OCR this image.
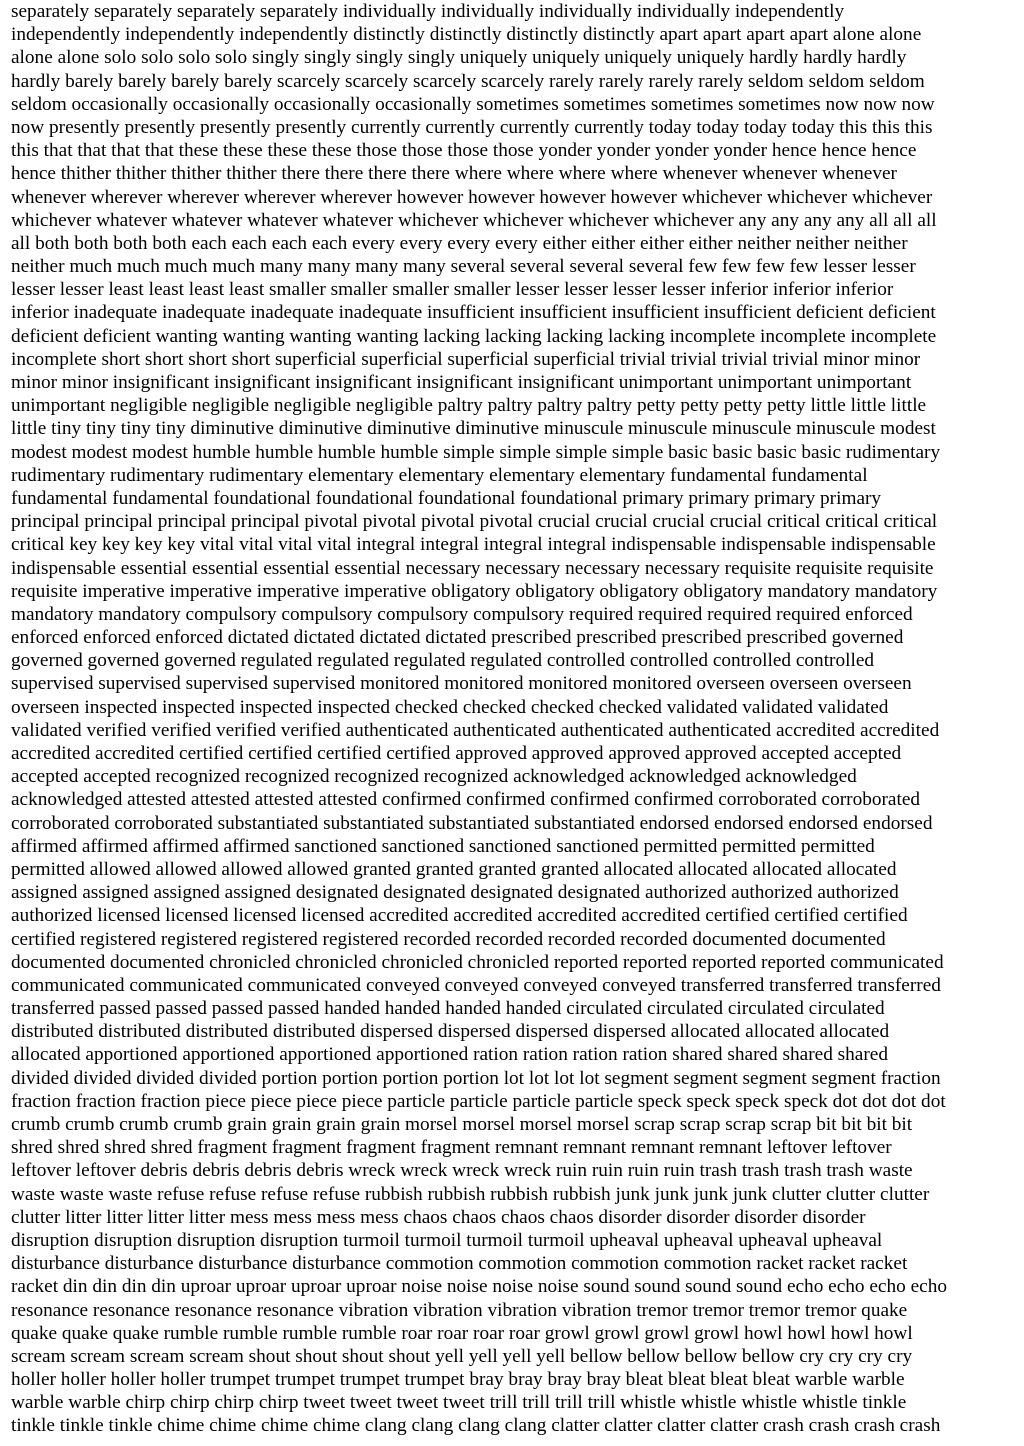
separately separately separately separately individually individually individually individually independently
independently independently independently distinctly distinctly distinctly distinctly apart apart apart apart alone alone
alone alone solo solo solo solo singly singly singly singly uniquely uniquely uniquely uniquely hardly hardly hardly
hardly barely barely barely barely scarcely scarcely scarcely scarcely rarely rarely rarely rarely seldom seldom seldom
seldom occasionally occasionally occasionally occasionally sometimes sometimes sometimes sometimes now now now
now presently presently presently presently currently currently currently currently today today today today this this this
this that that that that these these these these those those those those yonder yonder yonder yonder hence hence hence
hence thither thither thither thither there there there there where where where where whenever whenever whenever
whenever wherever wherever wherever wherever however however however however whichever whichever whichever
whichever whatever whatever whatever whatever whichever whichever whichever whichever any any any any all all all
all both both both both each each each each every every every every either either either either neither neither neither
neither much much much much many many many many several several several several few few few few lesser lesser
lesser lesser least least least least smaller smaller smaller smaller lesser lesser lesser lesser inferior inferior inferior
inferior inadequate inadequate inadequate inadequate insufficient insufficient insufficient insufficient deficient deficient
deficient deficient wanting wanting wanting wanting lacking lacking lacking lacking incomplete incomplete incomplete
incomplete short short short short superficial superficial superficial superficial trivial trivial trivial trivial minor minor
minor minor insignificant insignificant insignificant insignificant insignificant unimportant unimportant unimportant
unimportant negligible negligible negligible negligible paltry paltry paltry paltry petty petty petty petty little little little
little tiny tiny tiny tiny diminutive diminutive diminutive diminutive minuscule minuscule minuscule minuscule modest
modest modest modest humble humble humble humble simple simple simple simple basic basic basic basic rudimentary
rudimentary rudimentary rudimentary elementary elementary elementary elementary fundamental fundamental
fundamental fundamental foundational foundational foundational foundational primary primary primary primary
principal principal principal principal pivotal pivotal pivotal pivotal crucial crucial crucial crucial critical critical critical
critical key key key key vital vital vital vital integral integral integral integral indispensable indispensable indispensable
indispensable essential essential essential essential necessary necessary necessary necessary requisite requisite requisite
requisite imperative imperative imperative imperative obligatory obligatory obligatory obligatory mandatory mandatory
mandatory mandatory compulsory compulsory compulsory compulsory required required required required enforced
enforced enforced enforced dictated dictated dictated dictated prescribed prescribed prescribed prescribed governed
governed governed governed regulated regulated regulated regulated controlled controlled controlled controlled
supervised supervised supervised supervised monitored monitored monitored monitored overseen overseen overseen
overseen inspected inspected inspected inspected checked checked checked checked validated validated validated
validated verified verified verified verified authenticated authenticated authenticated authenticated accredited accredited
accredited accredited certified certified certified certified approved approved approved approved accepted accepted
accepted accepted recognized recognized recognized recognized acknowledged acknowledged acknowledged
acknowledged attested attested attested attested confirmed confirmed confirmed confirmed corroborated corroborated
corroborated corroborated substantiated substantiated substantiated substantiated endorsed endorsed endorsed endorsed
affirmed affirmed affirmed affirmed sanctioned sanctioned sanctioned sanctioned permitted permitted permitted
permitted allowed allowed allowed allowed granted granted granted granted allocated allocated allocated allocated
assigned assigned assigned assigned designated designated designated designated authorized authorized authorized
authorized licensed licensed licensed licensed accredited accredited accredited accredited certified certified certified
certified registered registered registered registered recorded recorded recorded recorded documented documented
documented documented chronicled chronicled chronicled chronicled reported reported reported reported communicated
communicated communicated communicated conveyed conveyed conveyed conveyed transferred transferred transferred
transferred passed passed passed passed handed handed handed handed circulated circulated circulated circulated
distributed distributed distributed distributed dispersed dispersed dispersed dispersed allocated allocated allocated
allocated apportioned apportioned apportioned apportioned ration ration ration ration shared shared shared shared
divided divided divided divided portion portion portion portion lot lot lot lot segment segment segment segment fraction
fraction fraction fraction piece piece piece piece particle particle particle particle speck speck speck speck dot dot dot dot
crumb crumb crumb crumb grain grain grain grain morsel morsel morsel morsel scrap scrap scrap scrap bit bit bit bit
shred shred shred shred fragment fragment fragment fragment remnant remnant remnant remnant leftover leftover
leftover leftover debris debris debris debris wreck wreck wreck wreck ruin ruin ruin ruin trash trash trash trash waste
waste waste waste refuse refuse refuse refuse rubbish rubbish rubbish rubbish junk junk junk junk clutter clutter clutter
clutter litter litter litter litter mess mess mess mess chaos chaos chaos chaos disorder disorder disorder disorder
disruption disruption disruption disruption turmoil turmoil turmoil turmoil upheaval upheaval upheaval upheaval
disturbance disturbance disturbance disturbance commotion commotion commotion commotion racket racket racket
racket din din din din uproar uproar uproar uproar noise noise noise noise sound sound sound sound echo echo echo echo
resonance resonance resonance resonance vibration vibration vibration vibration tremor tremor tremor tremor quake
quake quake quake rumble rumble rumble rumble roar roar roar roar growl growl growl growl howl howl howl howl
scream scream scream scream shout shout shout shout yell yell yell yell bellow bellow bellow bellow cry cry cry cry
holler holler holler holler trumpet trumpet trumpet trumpet bray bray bray bray bleat bleat bleat bleat warble warble
warble warble chirp chirp chirp chirp tweet tweet tweet tweet trill trill trill trill whistle whistle whistle whistle tinkle
tinkle tinkle tinkle chime chime chime chime clang clang clang clang clatter clatter clatter clatter crash crash crash crash
